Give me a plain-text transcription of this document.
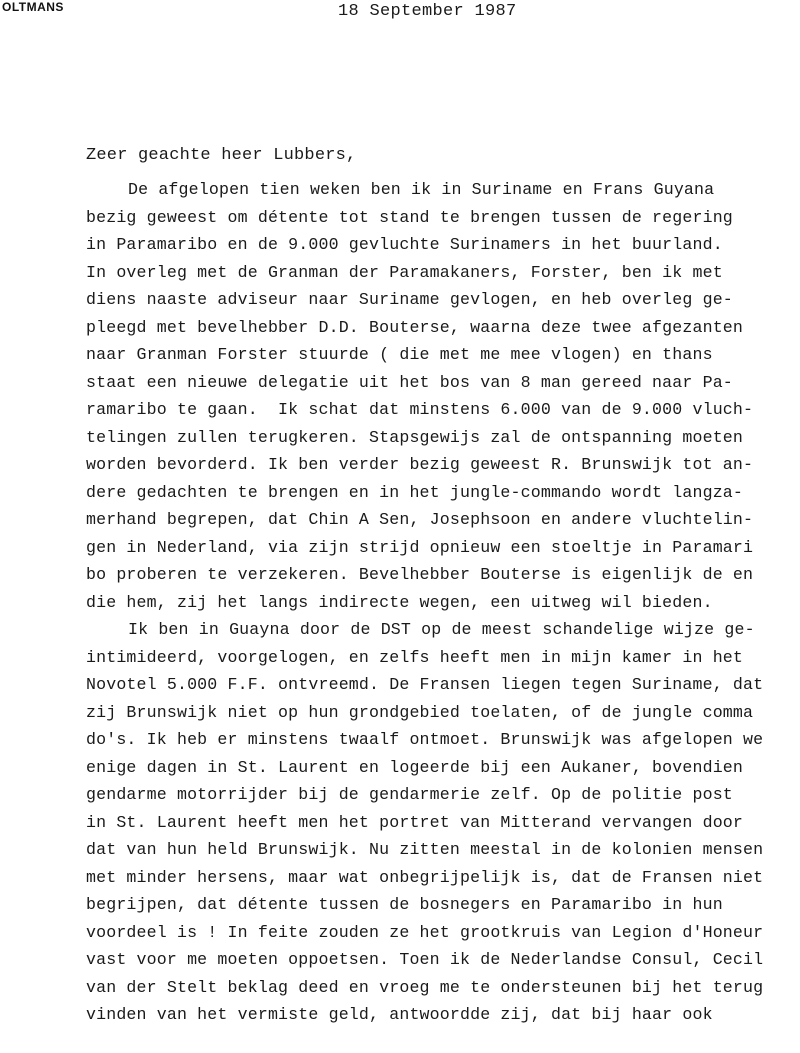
OLTMANS	18 September 1987
Zeer geachte heer Lubbers,
De afgelopen tien weken ben ik in Suriname en Frans Guyana
bezig geweest om détente tot stand te brengen tussen de regering
in Paramaribo en de 9.000 gevluchte Surinamers in het buurland.
In overleg met de Granman der Paramakaners, Forster, ben ik met
diens naaste adviseur naar Suriname gevlogen, en heb overleg ge-
pleegd met bevelhebber D.D. Bouterse, waarna deze twee afgezanten
naar Granman Forster stuurde ( die met me mee vlogen) en thans
staat een nieuwe delegatie uit het bos van 8 man gereed naar Pa-
ramaribo te gaan.  Ik schat dat minstens 6.000 van de 9.000 vluch-
telingen zullen terugkeren. Stapsgewijs zal de ontspanning moeten
worden bevorderd. Ik ben verder bezig geweest R. Brunswijk tot an-
dere gedachten te brengen en in het jungle-commando wordt langza-
merhand begrepen, dat Chin A Sen, Josephsoon en andere vluchtelin-
gen in Nederland, via zijn strijd opnieuw een stoeltje in Paramari
bo proberen te verzekeren. Bevelhebber Bouterse is eigenlijk de en
die hem, zij het langs indirecte wegen, een uitweg wil bieden.
Ik ben in Guayna door de DST op de meest schandelige wijze ge-
intimideerd, voorgelogen, en zelfs heeft men in mijn kamer in het
Novotel 5.000 F.F. ontvreemd. De Fransen liegen tegen Suriname, dat
zij Brunswijk niet op hun grondgebied toelaten, of de jungle comma
do's. Ik heb er minstens twaalf ontmoet. Brunswijk was afgelopen we
enige dagen in St. Laurent en logeerde bij een Aukaner, bovendien
gendarme motorrijder bij de gendarmerie zelf. Op de politie post
in St. Laurent heeft men het portret van Mitterand vervangen door
dat van hun held Brunswijk. Nu zitten meestal in de kolonien mensen
met minder hersens, maar wat onbegrijpelijk is, dat de Fransen niet
begrijpen, dat détente tussen de bosnegers en Paramaribo in hun
voordeel is ! In feite zouden ze het grootkruis van Legion d'Honeur
vast voor me moeten oppoetsen. Toen ik de Nederlandse Consul, Cecil
van der Stelt beklag deed en vroeg me te ondersteunen bij het terug
vinden van het vermiste geld, antwoordde zij, dat bij haar ook
